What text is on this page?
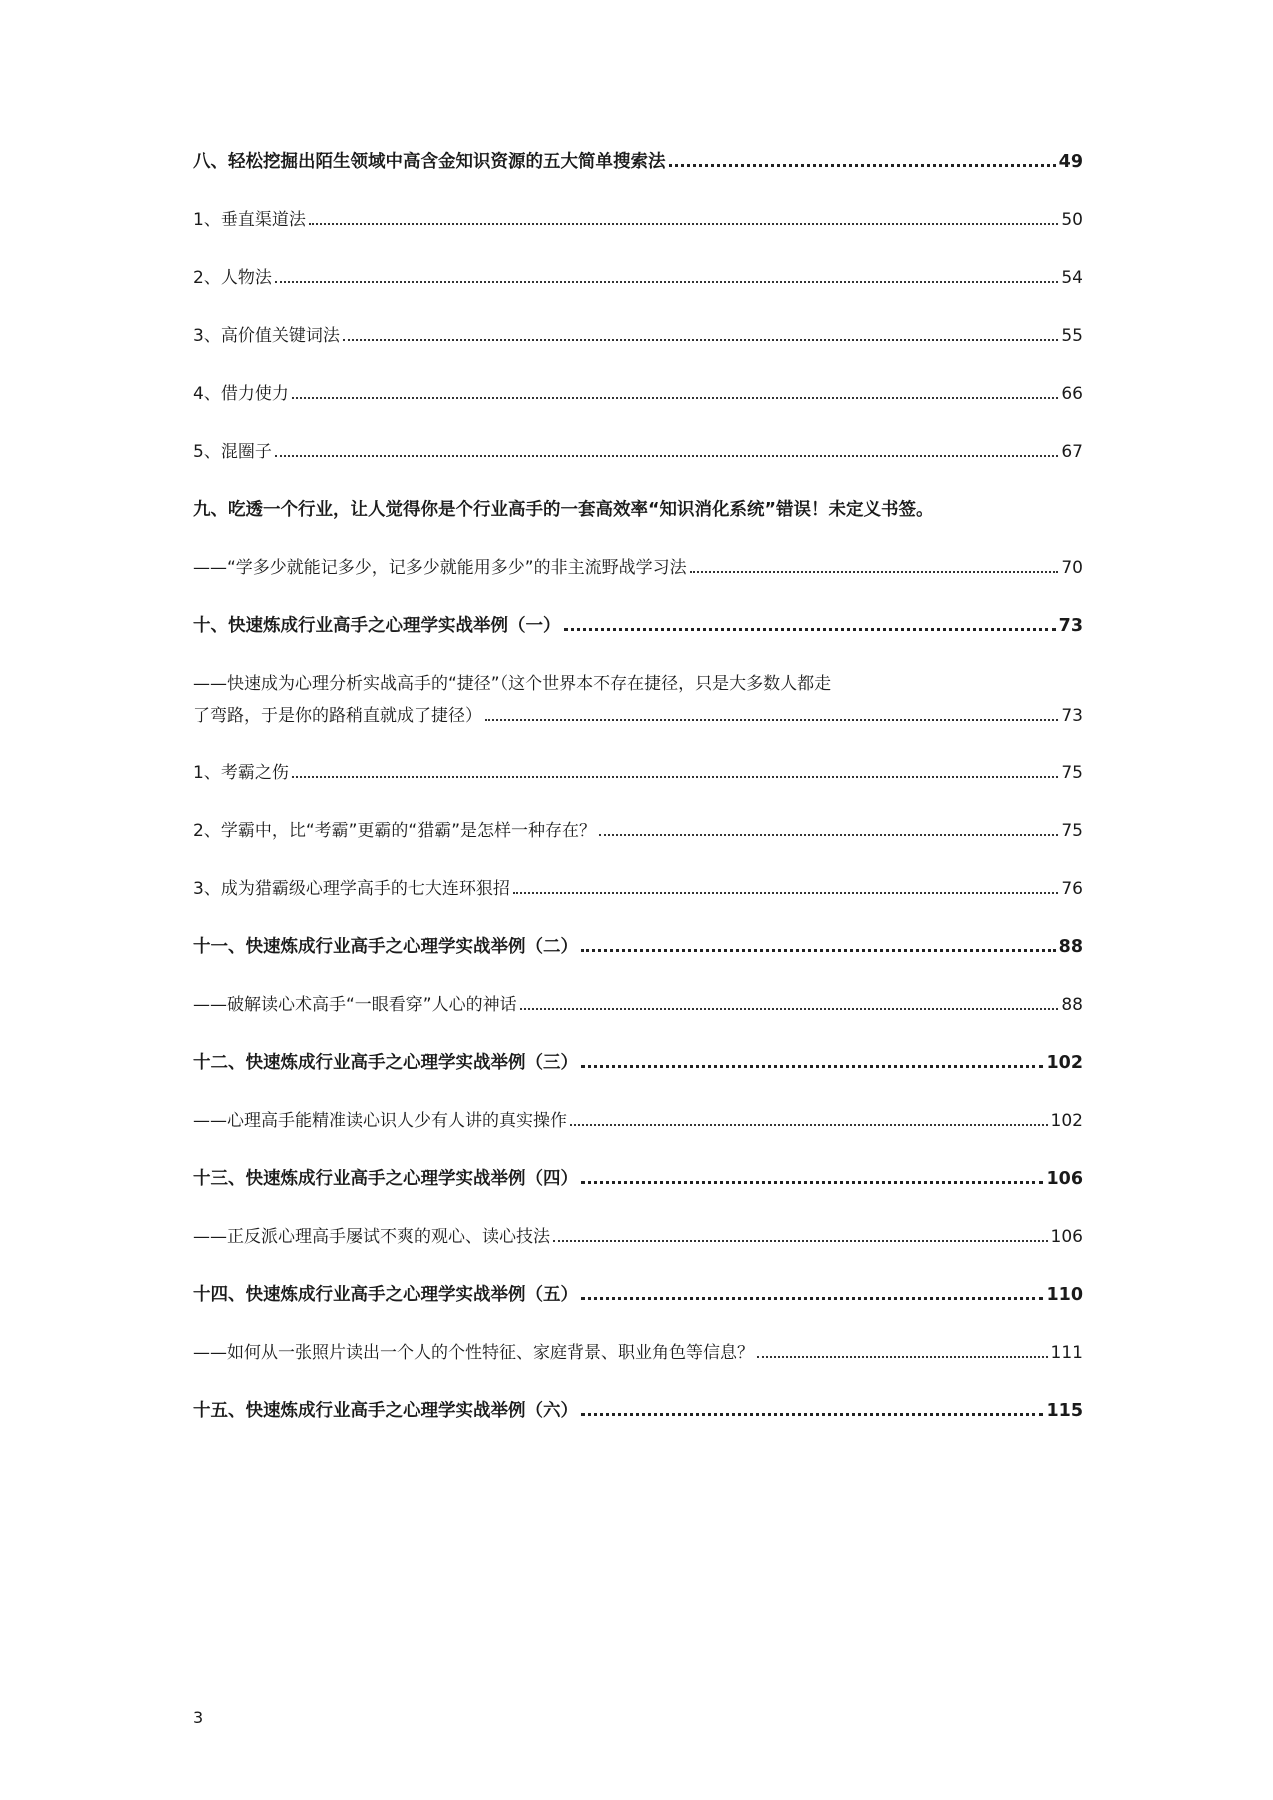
八、轻松挖掘出陌生领域中高含金知识资源的五大简单搜索法	49
1、垂直渠道法	50
2、人物法	54
3、高价值关键词法	55
4、借力使力	66
5、混圈子	67
九、吃透一个行业，让人觉得你是个行业高手的一套高效率“知识消化系统”错误！未定义书签。
——“学多少就能记多少，记多少就能用多少”的非主流野战学习法	70
十、快速炼成行业高手之心理学实战举例（一）	73
——快速成为心理分析实战高手的“捷径”（这个世界本不存在捷径，只是大多数人都走
了弯路，于是你的路稍直就成了捷径）	73
1、考霸之伤	75
2、学霸中，比“考霸”更霸的“猎霸”是怎样一种存在？	75
3、成为猎霸级心理学高手的七大连环狠招	76
十一、快速炼成行业高手之心理学实战举例（二）	88
——破解读心术高手“一眼看穿”人心的神话	88
十二、快速炼成行业高手之心理学实战举例（三）	102
——心理高手能精准读心识人少有人讲的真实操作	102
十三、快速炼成行业高手之心理学实战举例（四）	106
——正反派心理高手屡试不爽的观心、读心技法	106
十四、快速炼成行业高手之心理学实战举例（五）	110
——如何从一张照片读出一个人的个性特征、家庭背景、职业角色等信息？	111
十五、快速炼成行业高手之心理学实战举例（六）	115
3
